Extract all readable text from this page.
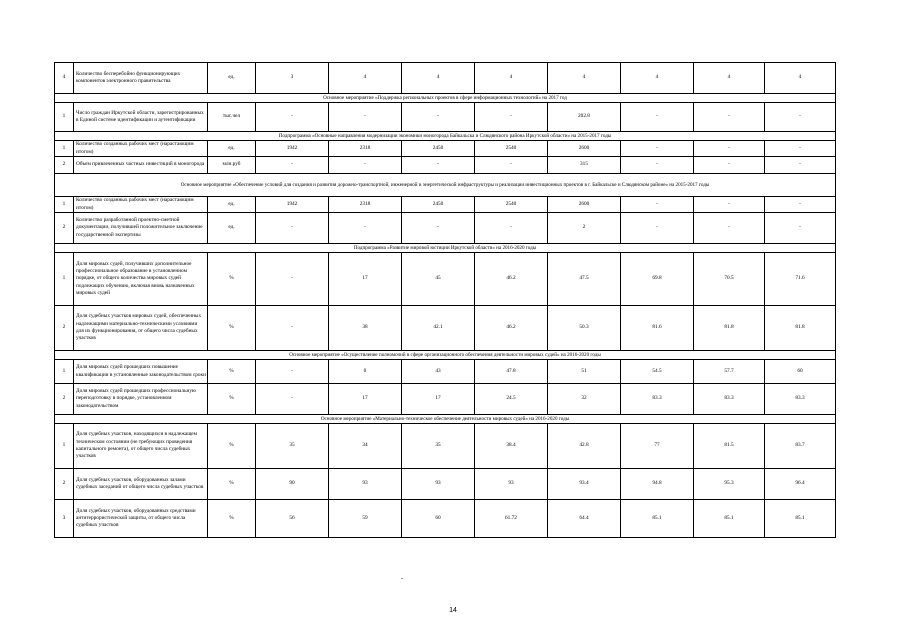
4	Количество бесперебойно функционирующих компонентов электронного правительства	ед.	3	4	4	4	4	4	4	4
Основное мероприятие «Поддержка региональных проектов в сфере информационных технологий» на 2017 год										
1	Число граждан Иркутской области, зарегистрированных в Единой системе идентификации и аутентификации	тыс.чел	-	-	-	-	202.8	-	-	-
Подпрограмма «Основные направления модернизации экономики моногорода Байкальска и Слюдянского района Иркутской области» на 2015-2017 годы										
1	Количество созданных рабочих мест (нарастающим итогом)	ед.	1942	2318	2450	2540	2600	-	-	-
2	Объем привлеченных частных инвестиций в моногорода	млн.руб	-	-	-	-	315	-	-	-
Основное мероприятие «Обеспечение условий для создания и развития дорожно-транспортной, инженерной и энергетической инфраструктуры и реализации инвестиционных проектов в г. Байкальске и Слюдянском районе» на 2015-2017 годы										
1	Количество созданных рабочих мест (нарастающим итогом)	ед.	1942	2318	2450	2540	2600	-	-	-
2	Количество разработанной проектно-сметной документации, получившей положительное заключение государственной экспертизы	ед.	-	-	-	-	2	-	-	-
Подпрограмма «Развитие мировой юстиции Иркутской области» на 2016-2020 годы										
1	Доля мировых судей, получивших дополнительное профессиональное образование в установленном порядке, от общего количества мировых судей подлежащих обучению, включая вновь назначенных мировых судей	%	-	17	45	46.2	47.5	69.8	70.5	71.6
2	Доля судебных участков мировых судей, обеспеченных надлежащими материально-техническими условиями для их функционирования, от общего числа судебных участков	%	-	38	42.1	46.2	50.3	81.6	81.8	81.8
Основное мероприятие «Осуществление полномочий в сфере организационного обеспечения деятельности мировых судей» на 2016-2020 годы										
1	Доля мировых судей прошедших повышение квалификации в установленные законодательством сроки	%	-	0	43	47.8	51	54.5	57.7	60
2	Доля мировых судей прошедших профессиональную переподготовку в порядке, установленном законодательством	%	-	17	17	24.5	32	83.3	83.3	83.3
Основное мероприятие «Материально-техническое обеспечение деятельности мировых судей» на 2016-2020 годы										
1	Доля судебных участков, находящихся в надлежащем техническом состоянии (не требующих проведения капитального ремонта), от общего числа судебных участков	%	35	34	35	38.4	42.8	77	81.5	83.7
2	Доля судебных участков, оборудованных залами судебных заседаний от общего числа судебных участков	%	90	93	93	93	93.4	94.8	95.3	96.4
3	Доля судебных участков, оборудованных средствами антитеррористической защиты, от общего числа судебных участков	%	56	59	60	61.72	64.4	85.1	85.1	85.1
14
